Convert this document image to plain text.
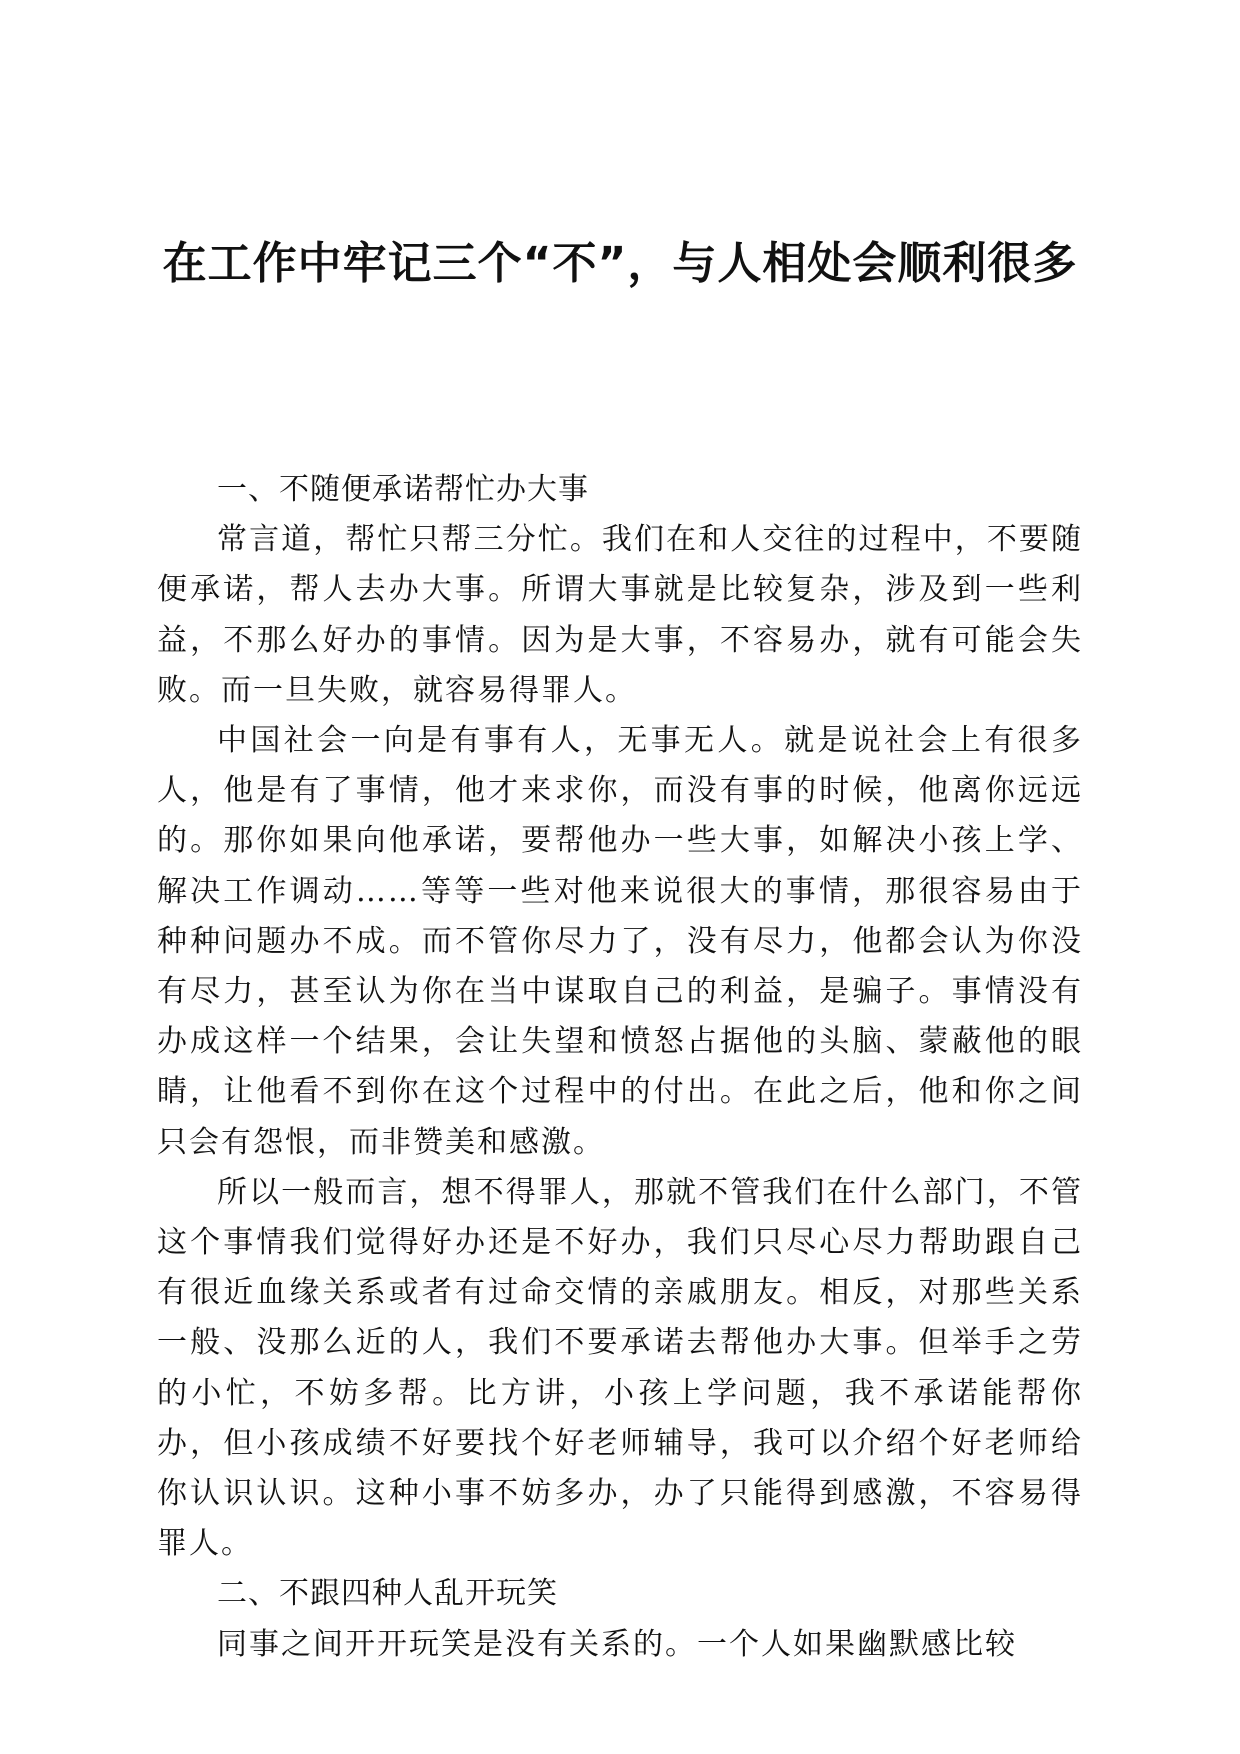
在工作中牢记三个“不”，与人相处会顺利很多
一、不随便承诺帮忙办大事

常言道，帮忙只帮三分忙。我们在和人交往的过程中，不要随便承诺，帮人去办大事。所谓大事就是比较复杂，涉及到一些利益，不那么好办的事情。因为是大事，不容易办，就有可能会失败。而一旦失败，就容易得罪人。

中国社会一向是有事有人，无事无人。就是说社会上有很多人，他是有了事情，他才来求你，而没有事的时候，他离你远远的。那你如果向他承诺，要帮他办一些大事，如解决小孩上学、解决工作调动……等等一些对他来说很大的事情，那很容易由于种种问题办不成。而不管你尽力了，没有尽力，他都会认为你没有尽力，甚至认为你在当中谋取自己的利益，是骗子。事情没有办成这样一个结果，会让失望和愤怒占据他的头脑、蒙蔽他的眼睛，让他看不到你在这个过程中的付出。在此之后，他和你之间只会有怨恨，而非赞美和感激。

所以一般而言，想不得罪人，那就不管我们在什么部门，不管这个事情我们觉得好办还是不好办，我们只尽心尽力帮助跟自己有很近血缘关系或者有过命交情的亲戚朋友。相反，对那些关系一般、没那么近的人，我们不要承诺去帮他办大事。但举手之劳的小忙，不妨多帮。比方讲，小孩上学问题，我不承诺能帮你办，但小孩成绩不好要找个好老师辅导，我可以介绍个好老师给你认识认识。这种小事不妨多办，办了只能得到感激，不容易得罪人。

二、不跟四种人乱开玩笑

同事之间开开玩笑是没有关系的。一个人如果幽默感比较
